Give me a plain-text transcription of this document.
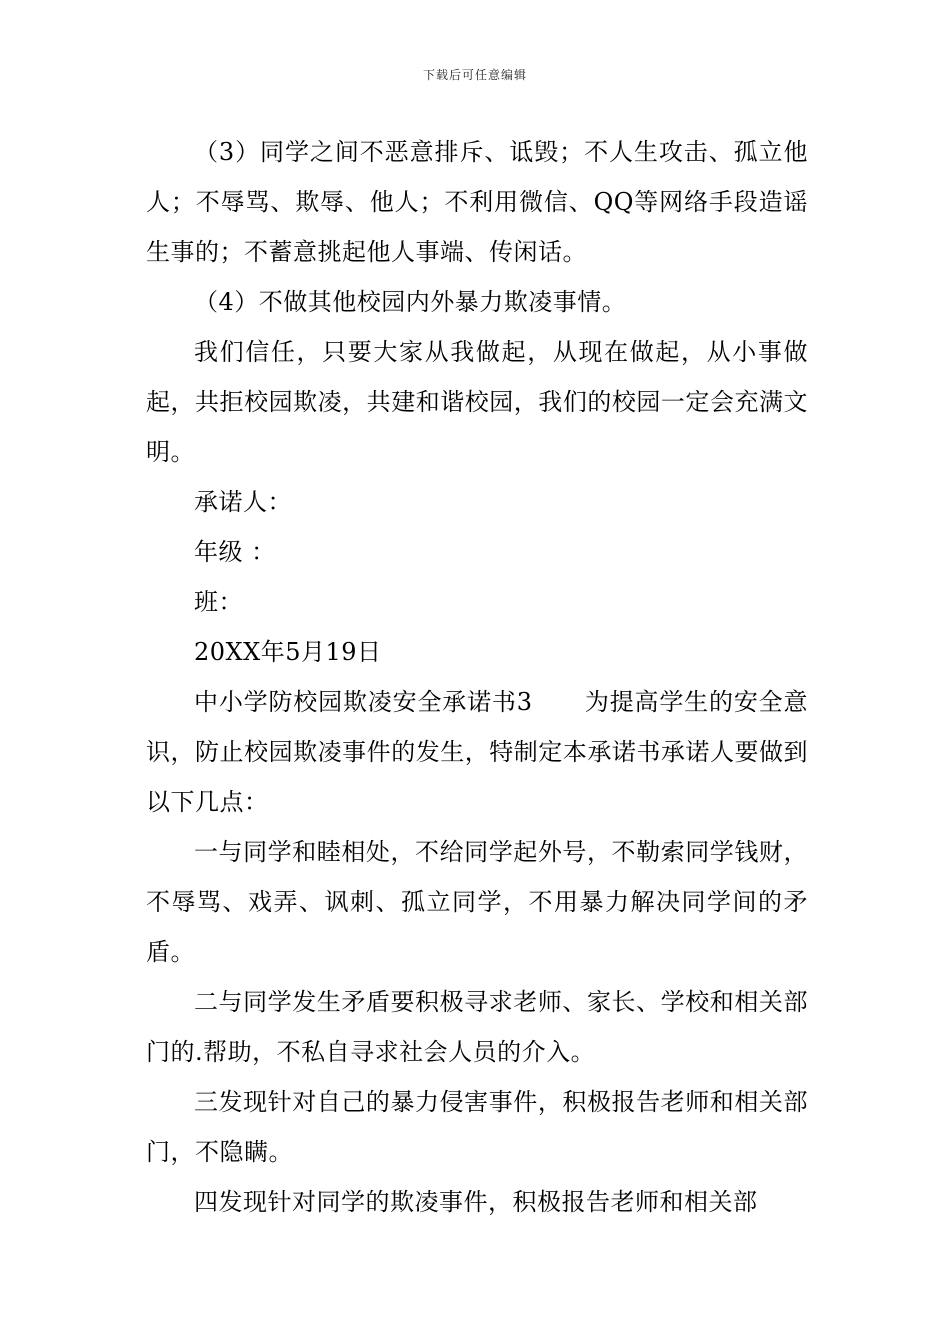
下载后可任意编辑

（3）同学之间不恶意排斥、诋毁；不人生攻击、孤立他人；不辱骂、欺辱、他人；不利用微信、QQ等网络手段造谣生事的；不蓄意挑起他人事端、传闲话。

（4）不做其他校园内外暴力欺凌事情。

我们信任，只要大家从我做起，从现在做起，从小事做起，共拒校园欺凌，共建和谐校园，我们的校园一定会充满文明。

承诺人：

年级 ：

班：

20XX年5月19日

中小学防校园欺凌安全承诺书3 为提高学生的安全意识，防止校园欺凌事件的发生，特制定本承诺书承诺人要做到以下几点：

一与同学和睦相处，不给同学起外号，不勒索同学钱财，不辱骂、戏弄、讽刺、孤立同学，不用暴力解决同学间的矛盾。

二与同学发生矛盾要积极寻求老师、家长、学校和相关部门的.帮助，不私自寻求社会人员的介入。

三发现针对自己的暴力侵害事件，积极报告老师和相关部门，不隐瞒。

四发现针对同学的欺凌事件，积极报告老师和相关部
